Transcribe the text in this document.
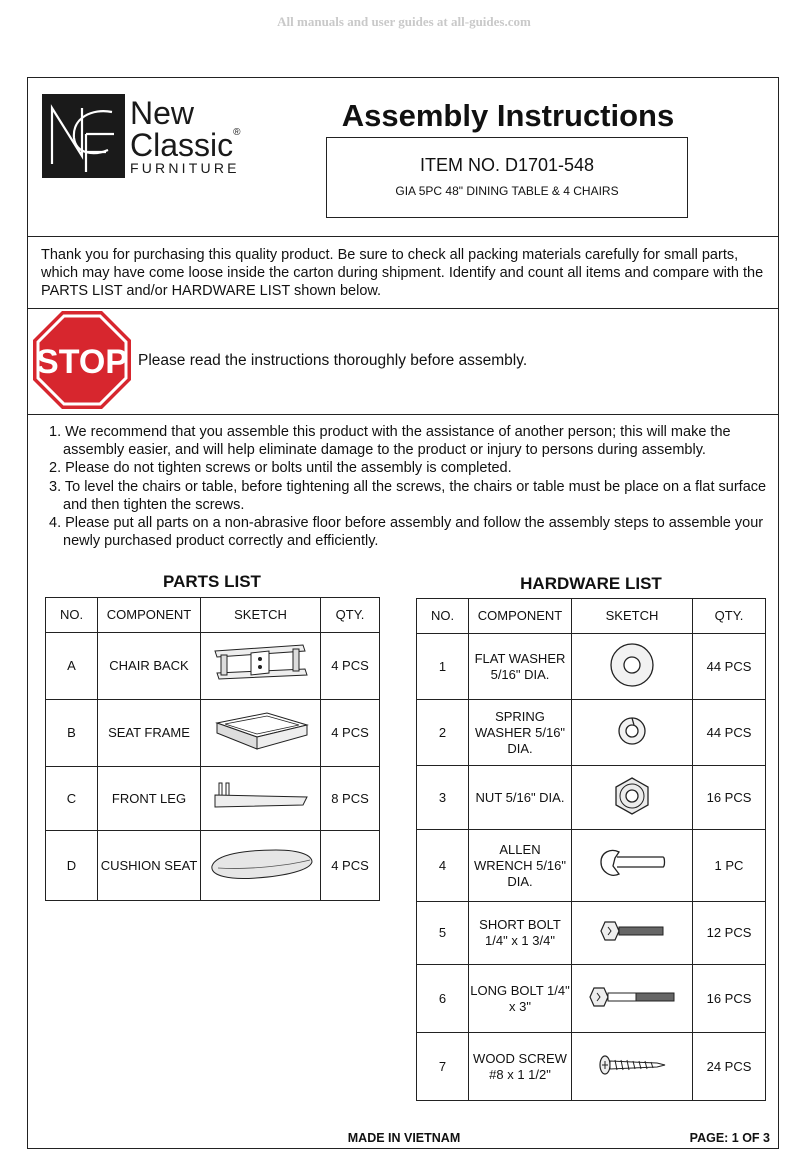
All manuals and user guides at all-guides.com
New
Classic®
FURNITURE
Assembly Instructions
ITEM NO. D1701-548
GIA 5PC 48" DINING TABLE & 4 CHAIRS
Thank you for purchasing this quality product. Be sure to check all packing materials carefully for small parts, which may have come loose inside the carton during shipment. Identify and count all items and compare with the PARTS LIST and/or HARDWARE LIST shown below.
STOP Please read the instructions thoroughly before assembly.
1. We recommend that you assemble this product with the assistance of another person; this will make the assembly easier, and will help eliminate damage to the product or injury to persons during assembly.
2. Please do not tighten screws or bolts until the assembly is completed.
3. To level the chairs or table, before tightening all the screws, the chairs or table must be place on a flat surface and then tighten the screws.
4. Please put all parts on a non-abrasive floor before assembly and follow the assembly steps to assemble your newly purchased product correctly and efficiently.
PARTS LIST
NO.	COMPONENT	SKETCH	QTY.
A	CHAIR BACK		4 PCS
B	SEAT FRAME		4 PCS
C	FRONT LEG		8 PCS
D	CUSHION SEAT		4 PCS
HARDWARE LIST
NO.	COMPONENT	SKETCH	QTY.
1	FLAT WASHER 5/16" DIA.		44 PCS
2	SPRING WASHER 5/16" DIA.		44 PCS
3	NUT 5/16" DIA.		16 PCS
4	ALLEN WRENCH 5/16" DIA.		1 PC
5	SHORT BOLT 1/4" x 1 3/4"		12 PCS
6	LONG BOLT 1/4" x 3"		16 PCS
7	WOOD SCREW #8 x 1 1/2"		24 PCS
MADE IN VIETNAM	PAGE: 1 OF 3
